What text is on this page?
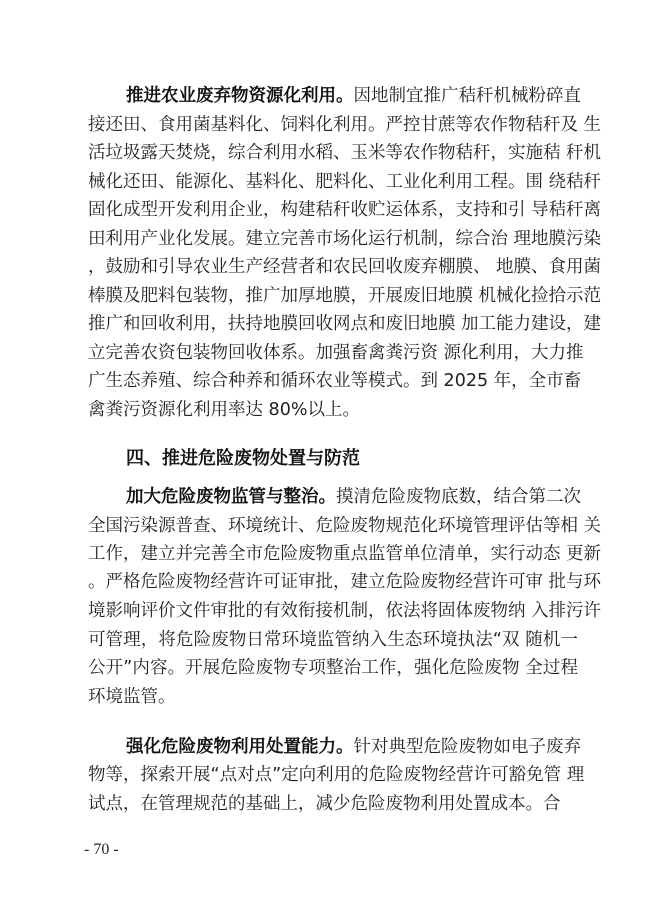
推进农业废弃物资源化利用。因地制宜推广秸秆机械粉碎直
接还田、食用菌基料化、饲料化利用。严控甘蔗等农作物秸秆及 生
活垃圾露天焚烧，综合利用水稻、玉米等农作物秸秆，实施秸 秆机
械化还田、能源化、基料化、肥料化、工业化利用工程。围 绕秸秆
固化成型开发利用企业，构建秸秆收贮运体系，支持和引 导秸秆离
田利用产业化发展。建立完善市场化运行机制，综合治 理地膜污染
，鼓励和引导农业生产经营者和农民回收废弃棚膜、 地膜、食用菌
棒膜及肥料包装物，推广加厚地膜，开展废旧地膜 机械化捡拾示范
推广和回收利用，扶持地膜回收网点和废旧地膜 加工能力建设，建
立完善农资包装物回收体系。加强畜禽粪污资 源化利用，大力推
广生态养殖、综合种养和循环农业等模式。到 2025 年，全市畜
禽粪污资源化利用率达 80%以上。
四、推进危险废物处置与防范
加大危险废物监管与整治。摸清危险废物底数，结合第二次
全国污染源普查、环境统计、危险废物规范化环境管理评估等相 关
工作，建立并完善全市危险废物重点监管单位清单，实行动态 更新
。严格危险废物经营许可证审批，建立危险废物经营许可审 批与环
境影响评价文件审批的有效衔接机制，依法将固体废物纳 入排污许
可管理，将危险废物日常环境监管纳入生态环境执法“双 随机一
公开”内容。开展危险废物专项整治工作，强化危险废物 全过程
环境监管。
强化危险废物利用处置能力。针对典型危险废物如电子废弃
物等，探索开展“点对点”定向利用的危险废物经营许可豁免管 理
试点，在管理规范的基础上，减少危险废物利用处置成本。合
- 70 -
